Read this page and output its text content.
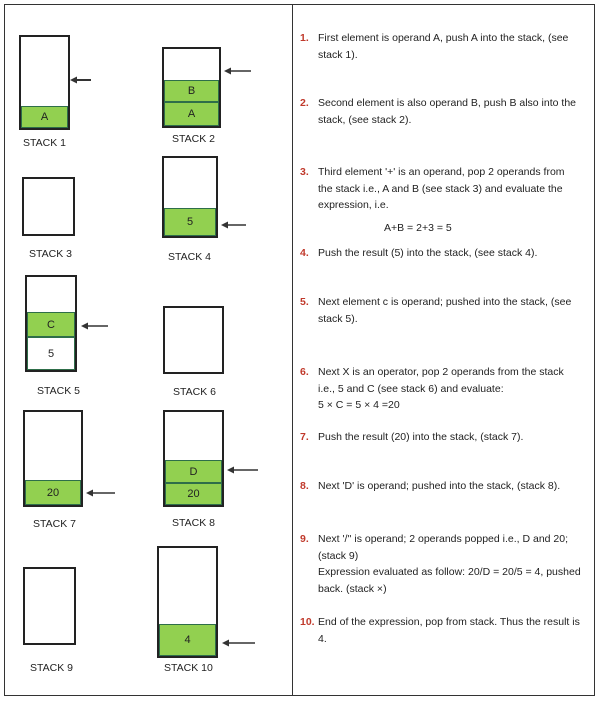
A
STACK 1
B
A
STACK 2
STACK 3
5
STACK 4
C
5
STACK 5	STACK 6
20
STACK 7
D
20
STACK 8
STACK 9
4
STACK 10
1. First element is operand A, push A into the stack, (see
stack 1).
2. Second element is also operand B, push B also into the
stack, (see stack 2).
3. Third element '+' is an operand, pop 2 operands from
the stack i.e., A and B (see stack 3) and evaluate the
expression, i.e.
A+B = 2+3 = 5
4. Push the result (5) into the stack, (see stack 4).
5. Next element c is operand; pushed into the stack, (see
stack 5).
6. Next X is an operator, pop 2 operands from the stack
i.e., 5 and C (see stack 6) and evaluate:
5 × C = 5 × 4 =20
7. Push the result (20) into the stack, (stack 7).
8. Next 'D' is operand; pushed into the stack, (stack 8).
9. Next '/'' is operand; 2 operands popped i.e., D and 20;
(stack 9)
Expression evaluated as follow: 20/D = 20/5 = 4, pushed
back. (stack ×)
10. End of the expression, pop from stack. Thus the result is
4.
